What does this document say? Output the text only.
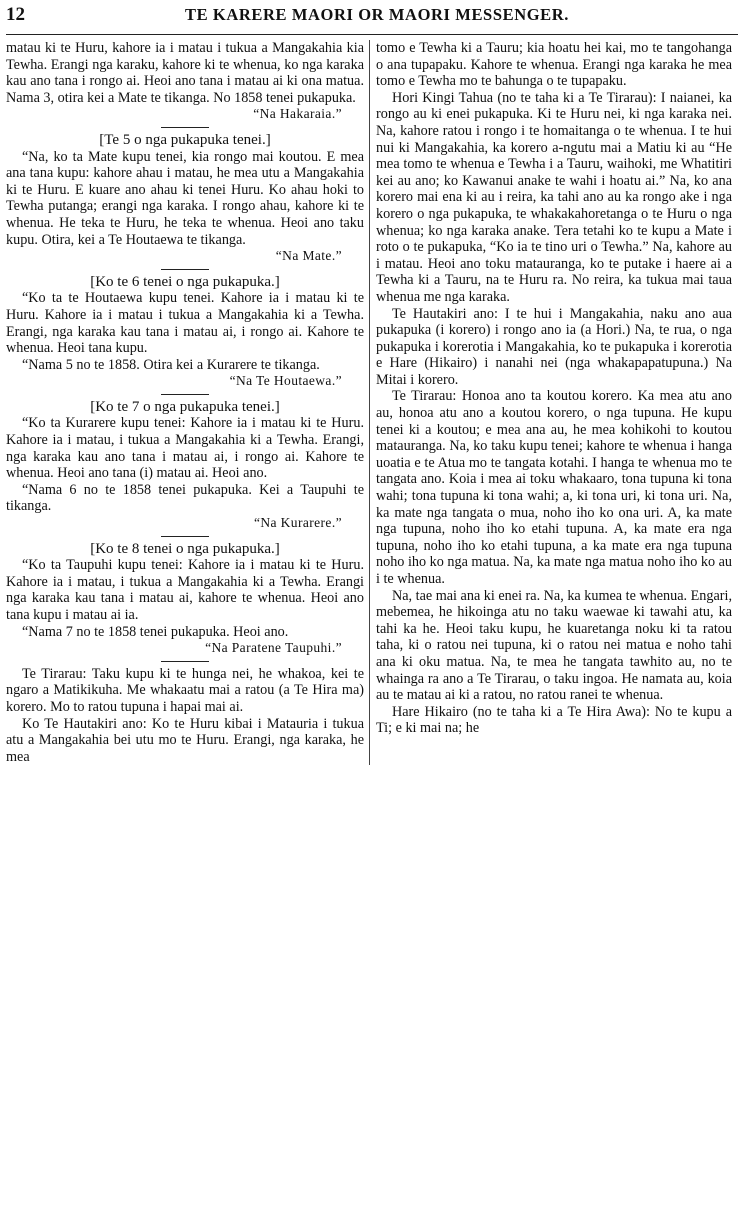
12	TE KARERE MAORI OR MAORI MESSENGER.

matau ki te Huru, kahore ia i matau i tukua a Mangakahia kia Tewha. Erangi nga karaku, kahore ki te whenua, ko nga karaka kau ano tana i rongo ai. Heoi ano tana i matau ai ki ona matua. Nama 3, otira kei a Mate te tikanga. No 1858 tenei pukapuka.

“Na Hakaraia.”

[Te 5 o nga pukapuka tenei.]

“Na, ko ta Mate kupu tenei, kia rongo mai koutou. E mea ana tana kupu: kahore ahau i matau, he mea utu a Mangakahia ki te Huru. E kuare ano ahau ki tenei Huru. Ko ahau hoki to Tewha putanga; erangi nga karaka. I rongo ahau, kahore ki te whenua. He teka te Huru, he teka te whenua. Heoi ano taku kupu. Otira, kei a Te Houtaewa te tikanga.

“Na Mate.”

[Ko te 6 tenei o nga pukapuka.]

“Ko ta te Houtaewa kupu tenei. Kahore ia i matau ki te Huru. Kahore ia i matau i tukua a Mangakahia ki a Tewha. Erangi, nga karaka kau tana i matau ai, i rongo ai. Kahore te whenua. Heoi tana kupu.

“Nama 5 no te 1858. Otira kei a Kurarere te tikanga.

“Na Te Houtaewa.”

[Ko te 7 o nga pukapuka tenei.]

“Ko ta Kurarere kupu tenei: Kahore ia i matau ki te Huru. Kahore ia i matau, i tukua a Mangakahia ki a Tewha. Erangi, nga karaka kau ano tana i matau ai, i rongo ai. Kahore te whenua. Heoi ano tana (i) matau ai. Heoi ano.

“Nama 6 no te 1858 tenei pukapuka. Kei a Taupuhi te tikanga.

“Na Kurarere.”

[Ko te 8 tenei o nga pukapuka.]

“Ko ta Taupuhi kupu tenei: Kahore ia i matau ki te Huru. Kahore ia i matau, i tukua a Mangakahia ki a Tewha. Erangi nga karaka kau tana i matau ai, kahore te whenua. Heoi ano tana kupu i matau ai ia.

“Nama 7 no te 1858 tenei pukapuka. Heoi ano.

“Na Paratene Taupuhi.”

Te Tirarau: Taku kupu ki te hunga nei, he whakoa, kei te ngaro a Matikikuha. Me whakaatu mai a ratou (a Te Hira ma) korero. Mo to ratou tupuna i hapai mai ai.

Ko Te Hautakiri ano: Ko te Huru kibai i Matauria i tukua atu a Mangakahia bei utu mo te Huru. Erangi, nga karaka, he mea

tomo e Tewha ki a Tauru; kia hoatu hei kai, mo te tangohanga o ana tupapaku. Kahore te whenua. Erangi nga karaka he mea tomo e Tewha mo te bahunga o te tupapaku.

Hori Kingi Tahua (no te taha ki a Te Tirarau): I naianei, ka rongo au ki enei pukapuka. Ki te Huru nei, ki nga karaka nei. Na, kahore ratou i rongo i te homaitanga o te whenua. I te hui nui ki Mangakahia, ka korero a-ngutu mai a Matiu ki au “He mea tomo te whenua e Tewha i a Tauru, waihoki, me Whatitiri kei au ano; ko Kawanui anake te wahi i hoatu ai.” Na, ko ana korero mai ena ki au i reira, ka tahi ano au ka rongo ake i nga korero o nga pukapuka, te whakakahoretanga o te Huru o nga whenua; ko nga karaka anake. Tera tetahi ko te kupu a Mate i roto o te pukapuka, “Ko ia te tino uri o Tewha.” Na, kahore au i matau. Heoi ano toku matauranga, ko te putake i haere ai a Tewha ki a Tauru, na te Huru ra. No reira, ka tukua mai taua whenua me nga karaka.

Te Hautakiri ano: I te hui i Mangakahia, naku ano aua pukapuka (i korero) i rongo ano ia (a Hori.) Na, te rua, o nga pukapuka i korerotia i Mangakahia, ko te pukapuka i korerotia e Hare (Hikairo) i nanahi nei (nga whakapapatupuna.) Na Mitai i korero.

Te Tirarau: Honoa ano ta koutou korero. Ka mea atu ano au, honoa atu ano a koutou korero, o nga tupuna. He kupu tenei ki a koutou; e mea ana au, he mea kohikohi to koutou matauranga. Na, ko taku kupu tenei; kahore te whenua i hanga uoatia e te Atua mo te tangata kotahi. I hanga te whenua mo te tangata ano. Koia i mea ai toku whakaaro, tona tupuna ki tona wahi; tona tupuna ki tona wahi; a, ki tona uri, ki tona uri. Na, ka mate nga tangata o mua, noho iho ko ona uri. A, ka mate nga tupuna, noho iho ko etahi tupuna. A, ka mate era nga tupuna, noho iho ko etahi tupuna, a ka mate era nga tupuna noho iho ko nga matua. Na, ka mate nga matua noho iho ko au i te whenua.

Na, tae mai ana ki enei ra. Na, ka kumea te whenua. Engari, mebemea, he hikoinga atu no taku waewae ki tawahi atu, ka tahi ka he. Heoi taku kupu, he kuaretanga noku ki ta ratou taha, ki o ratou nei tupuna, ki o ratou nei matua e noho tahi ana ki oku matua. Na, te mea he tangata tawhito au, no te whainga ra ano a Te Tirarau, o taku ingoa. He namata au, koia au te matau ai ki a ratou, no ratou ranei te whenua.

Hare Hikairo (no te taha ki a Te Hira Awa): No te kupu a Ti; e ki mai na; he
